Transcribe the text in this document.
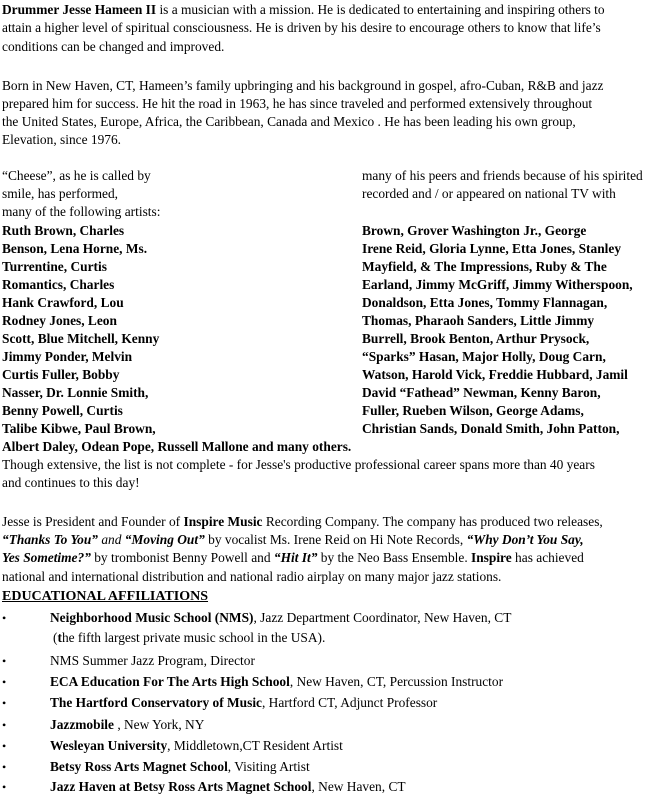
Drummer Jesse Hameen II is a musician with a mission. He is dedicated to entertaining and inspiring others to
attain a higher level of spiritual consciousness. He is driven by his desire to encourage others to know that life’s
conditions can be changed and improved.
Born in New Haven, CT, Hameen’s family upbringing and his background in gospel, afro-Cuban, R&B and jazz
prepared him for success. He hit the road in 1963, he has since traveled and performed extensively throughout
the United States, Europe, Africa, the Caribbean, Canada and Mexico . He has been leading his own group,
Elevation, since 1976.
“Cheese”, as he is called by
smile, has performed,
many of the following artists:
many of his peers and friends because of his spirited
recorded and / or appeared on national TV with
Ruth Brown, Charles
Benson, Lena Horne, Ms.
Turrentine, Curtis
Romantics, Charles
Hank Crawford, Lou
Rodney Jones, Leon
Scott, Blue Mitchell, Kenny
Jimmy Ponder, Melvin
Curtis Fuller, Bobby
Nasser, Dr. Lonnie Smith,
Benny Powell, Curtis
Talibe Kibwe, Paul Brown,
Brown, Grover Washington Jr., George
Irene Reid, Gloria Lynne, Etta Jones, Stanley
Mayfield, & The Impressions, Ruby & The
Earland, Jimmy McGriff, Jimmy Witherspoon,
Donaldson, Etta Jones, Tommy Flannagan,
Thomas, Pharaoh Sanders, Little Jimmy
Burrell, Brook Benton, Arthur Prysock,
“Sparks” Hasan, Major Holly, Doug Carn,
Watson, Harold Vick, Freddie Hubbard, Jamil
David “Fathead” Newman, Kenny Baron,
Fuller, Rueben Wilson, George Adams,
Christian Sands, Donald Smith, John Patton,
Albert Daley, Odean Pope, Russell Mallone and many others.
Though extensive, the list is not complete - for Jesse's productive professional career spans more than 40 years
and continues to this day!
Jesse is President and Founder of Inspire Music Recording Company. The company has produced two releases,
“Thanks To You” and “Moving Out” by vocalist Ms. Irene Reid on Hi Note Records, “Why Don’t You Say,
Yes Sometime?” by trombonist Benny Powell and “Hit It” by the Neo Bass Ensemble. Inspire has achieved
national and international distribution and national radio airplay on many major jazz stations.
EDUCATIONAL AFFILIATIONS
•	Neighborhood Music School (NMS), Jazz Department Coordinator, New Haven, CT
(the fifth largest private music school in the USA).
•	NMS Summer Jazz Program, Director
•	ECA Education For The Arts High School, New Haven, CT, Percussion Instructor
•	The Hartford Conservatory of Music, Hartford CT, Adjunct Professor
•	Jazzmobile , New York, NY
•	Wesleyan University, Middletown,CT Resident Artist
•	Betsy Ross Arts Magnet School, Visiting Artist
•	Jazz Haven at Betsy Ross Arts Magnet School, New Haven, CT
